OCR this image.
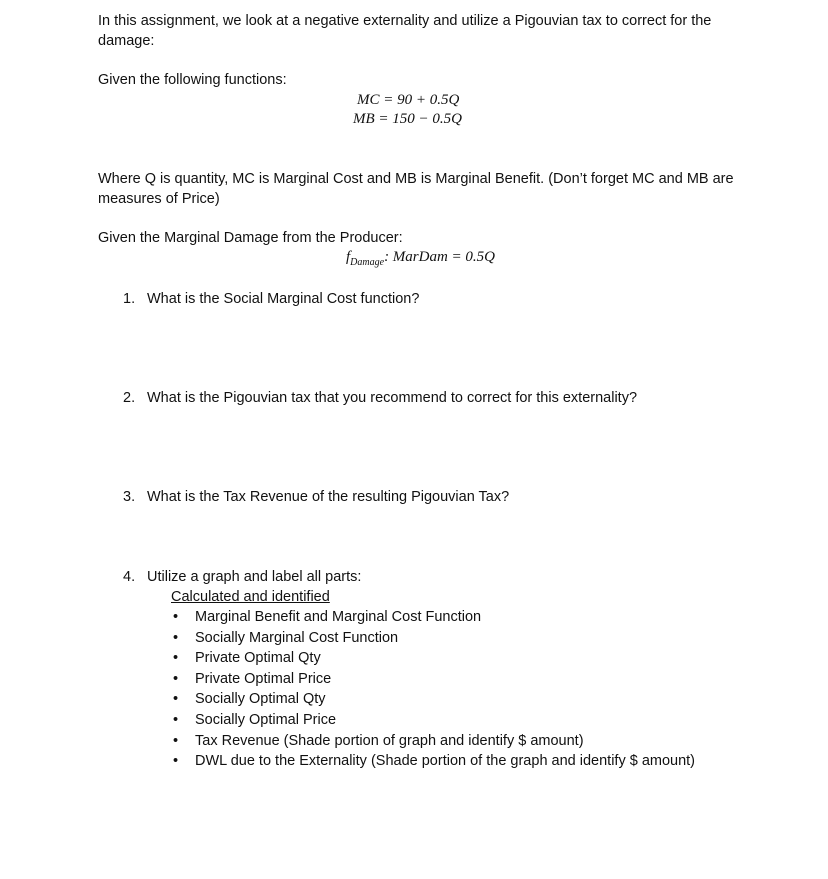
In this assignment, we look at a negative externality and utilize a Pigouvian tax to correct for the damage:
Given the following functions:
MC = 90 + 0.5Q
MB = 150 − 0.5Q
Where Q is quantity, MC is Marginal Cost and MB is Marginal Benefit. (Don’t forget MC and MB are measures of Price)
Given the Marginal Damage from the Producer:
$f_{Damage}$: MarDam = 0.5Q
1. What is the Social Marginal Cost function?
2. What is the Pigouvian tax that you recommend to correct for this externality?
3. What is the Tax Revenue of the resulting Pigouvian Tax?
4. Utilize a graph and label all parts:
Calculated and identified
• Marginal Benefit and Marginal Cost Function
• Socially Marginal Cost Function
• Private Optimal Qty
• Private Optimal Price
• Socially Optimal Qty
• Socially Optimal Price
• Tax Revenue (Shade portion of graph and identify $ amount)
• DWL due to the Externality (Shade portion of the graph and identify $ amount)
